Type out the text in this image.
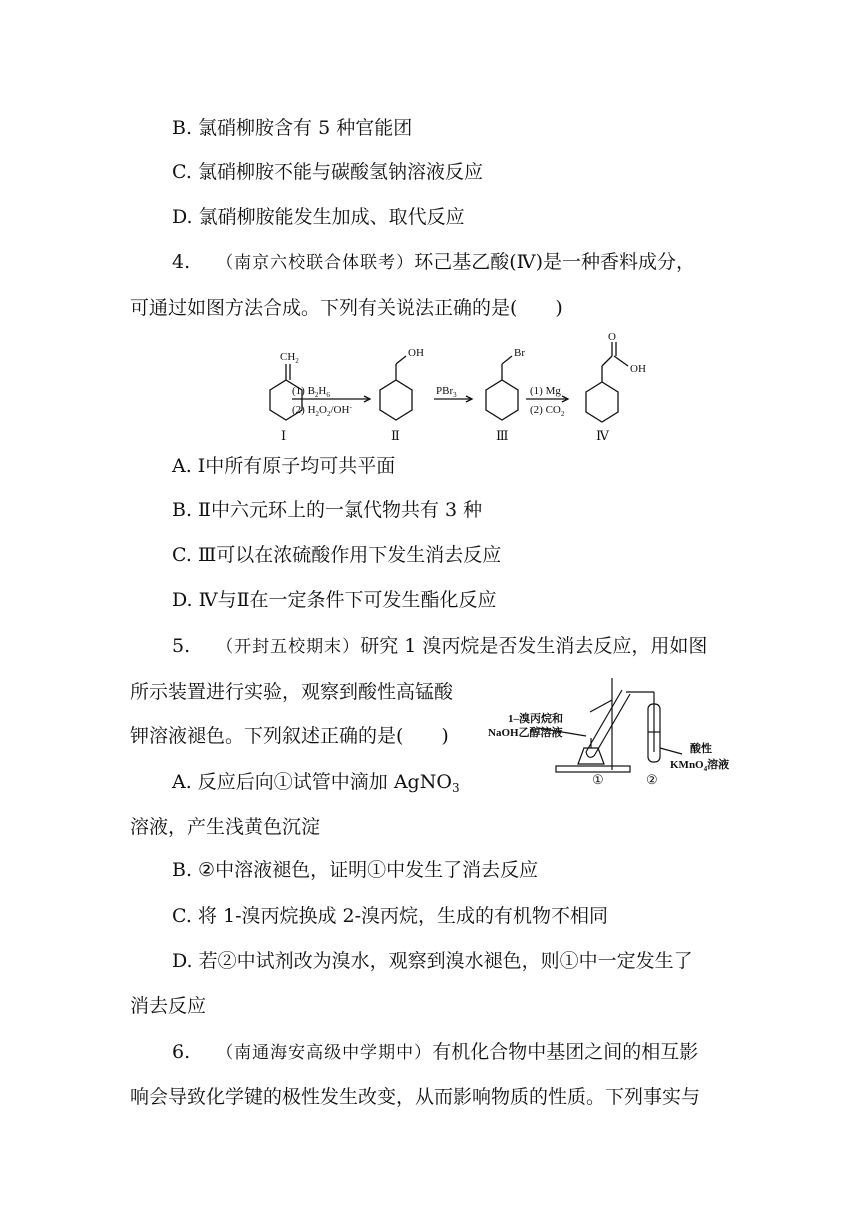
B. 氯硝柳胺含有 5 种官能团
C. 氯硝柳胺不能与碳酸氢钠溶液反应
D. 氯硝柳胺能发生加成、取代反应
4. （南京六校联合体联考）环己基乙酸(Ⅳ)是一种香料成分，
可通过如图方法合成。下列有关说法正确的是(　　)
$CH_2$
(1) $B_2H_6$
(2) $H_2O_2/OH^-$
PBr$_3$	(1) Mg
(2) $CO_2$
OH	Br
O
OH
Ⅰ	Ⅱ	Ⅲ	Ⅳ
A. Ⅰ中所有原子均可共平面
B. Ⅱ中六元环上的一氯代物共有 3 种
C. Ⅲ可以在浓硫酸作用下发生消去反应
D. Ⅳ与Ⅱ在一定条件下可发生酯化反应
5. （开封五校期末）研究 1 溴丙烷是否发生消去反应，用如图
所示装置进行实验，观察到酸性高锰酸
钾溶液褪色。下列叙述正确的是(　　)
A. 反应后向①试管中滴加 AgNO$_3$
溶液，产生浅黄色沉淀
1–溴丙烷和
NaOH乙醇溶液
酸性
KMnO$_4$溶液
①	②
B. ②中溶液褪色，证明①中发生了消去反应
C. 将 1-溴丙烷换成 2-溴丙烷，生成的有机物不相同
D. 若②中试剂改为溴水，观察到溴水褪色，则①中一定发生了
消去反应
6. （南通海安高级中学期中）有机化合物中基团之间的相互影
响会导致化学键的极性发生改变，从而影响物质的性质。下列事实与
